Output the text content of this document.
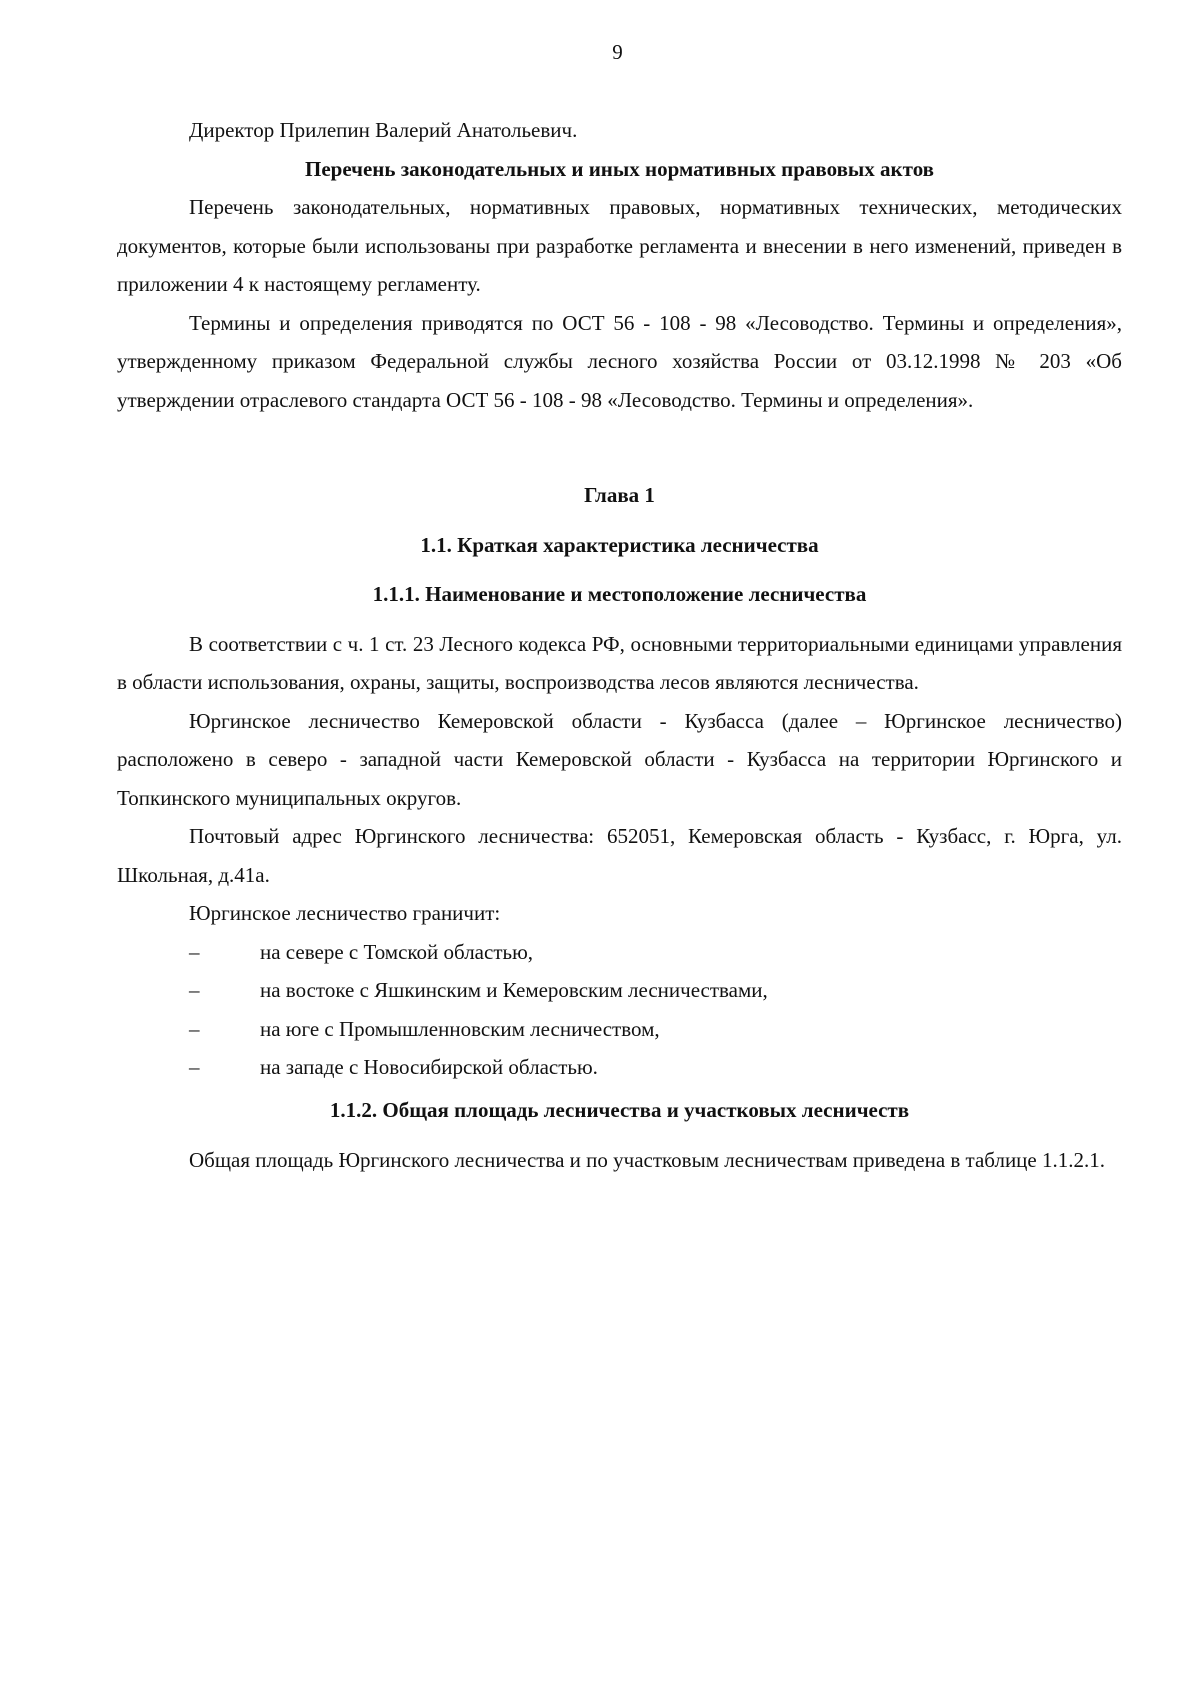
9

Директор Прилепин Валерий Анатольевич.

Перечень законодательных и иных нормативных правовых актов

Перечень законодательных, нормативных правовых, нормативных технических, методических документов, которые были использованы при разработке регламента и внесении в него изменений, приведен в приложении 4 к настоящему регламенту.

Термины и определения приводятся по ОСТ 56 - 108 - 98 «Лесоводство. Термины и определения», утвержденному приказом Федеральной службы лесного хозяйства России от 03.12.1998 № 203 «Об утверждении отраслевого стандарта ОСТ 56 - 108 - 98 «Лесоводство. Термины и определения».

Глава 1

1.1. Краткая характеристика лесничества

1.1.1. Наименование и местоположение лесничества

В соответствии с ч. 1 ст. 23 Лесного кодекса РФ, основными территориальными единицами управления в области использования, охраны, защиты, воспроизводства лесов являются лесничества.

Юргинское лесничество Кемеровской области - Кузбасса (далее – Юргинское лесничество) расположено в северо - западной части Кемеровской области - Кузбасса на территории Юргинского и Топкинского муниципальных округов.

Почтовый адрес Юргинского лесничества: 652051, Кемеровская область - Кузбасс, г. Юрга, ул. Школьная, д.41а.

Юргинское лесничество граничит:

–	на севере с Томской областью,
–	на востоке с Яшкинским и Кемеровским лесничествами,
–	на юге с Промышленновским лесничеством,
–	на западе с Новосибирской областью.

1.1.2. Общая площадь лесничества и участковых лесничеств

Общая площадь Юргинского лесничества и по участковым лесничествам приведена в таблице 1.1.2.1.
